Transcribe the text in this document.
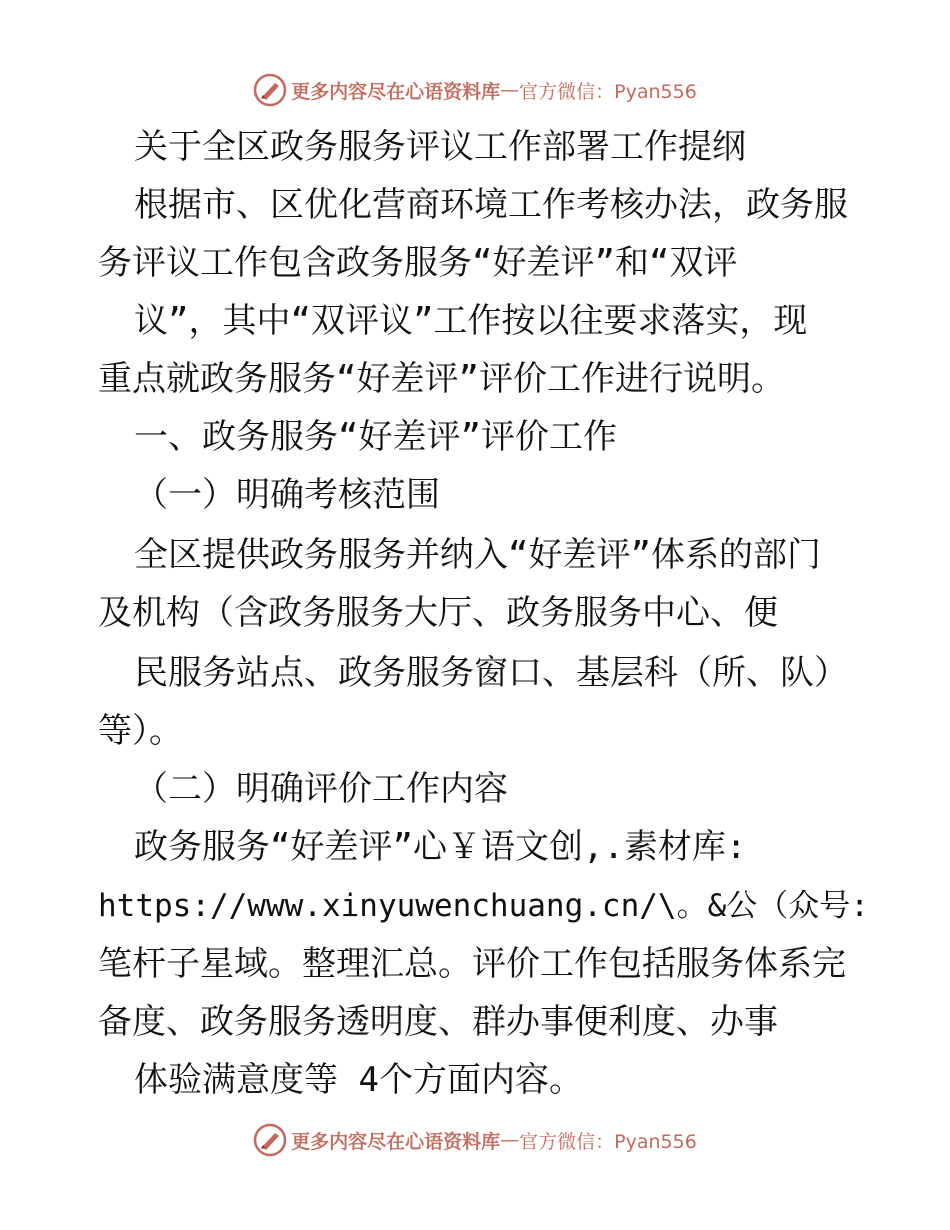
更多内容尽在心语资料库 — 官方微信：Pyan556
关于全区政务服务评议工作部署工作提纲
根据市、区优化营商环境工作考核办法，政务服
务评议工作包含政务服务“好差评”和“双评
议”，其中“双评议”工作按以往要求落实，现
重点就政务服务“好差评”评价工作进行说明。
一、政务服务“好差评”评价工作
（一）明确考核范围
全区提供政务服务并纳入“好差评”体系的部门
及机构（含政务服务大厅、政务服务中心、便
民服务站点、政务服务窗口、基层科（所、队）
等）。
（二）明确评价工作内容
政务服务“好差评”心￥语文创,.素材库:
https://www.xinyuwenchuang.cn/\。&公（众号:
笔杆子星域。整理汇总。评价工作包括服务体系完
备度、政务服务透明度、群办事便利度、办事
体验满意度等 4个方面内容。
更多内容尽在心语资料库 — 官方微信：Pyan556
